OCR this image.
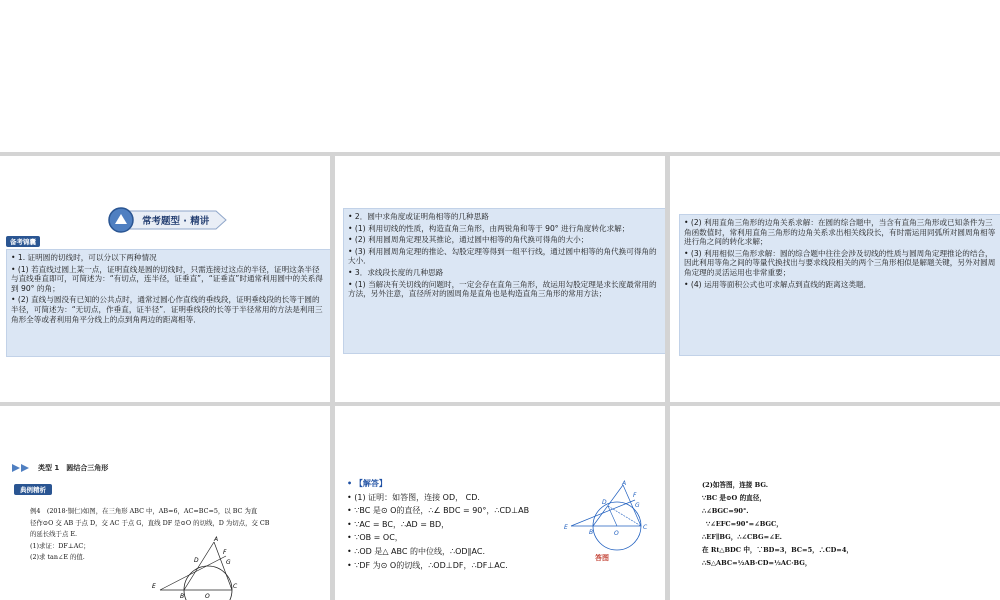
常考题型 · 精讲
备考锦囊

• 1. 证明圆的切线时，可以分以下两种情况

• (1) 若直线过圆上某一点，证明直线是圆的切线时，只需连接过这点的半径，证明这条半径与直线垂直即可，可简述为：“有切点，连半径，证垂直”，“证垂直”时通常利用圆中的关系得到 90° 的角；

• (2) 直线与圆没有已知的公共点时，通常过圆心作直线的垂线段，证明垂线段的长等于圆的半径，可简述为：“无切点，作垂直，证半径”．证明垂线段的长等于半径常用的方法是利用三角形全等或者利用角平分线上的点到角两边的距离相等．

• 2．圆中求角度或证明角相等的几种思路

• (1) 利用切线的性质，构造直角三角形，由两锐角和等于 90° 进行角度转化求解；

• (2) 利用圆周角定理及其推论，通过圆中相等的角代换可得角的大小；

• (3) 利用圆周角定理的推论、勾股定理等得到一组平行线，通过圆中相等的角代换可得角的大小．

• 3．求线段长度的几种思路

• (1) 当解决有关切线的问题时，一定会存在直角三角形，故运用勾股定理是求长度最常用的方法，另外注意，直径所对的圆周角是直角也是构造直角三角形的常用方法；

• (2) 利用直角三角形的边角关系求解：在圆的综合题中，当含有直角三角形或已知条件为三角函数值时，常利用直角三角形的边角关系求出相关线段长，有时需运用同弧所对圆周角相等进行角之间的转化求解；

• (3) 利用相似三角形求解：圆的综合题中往往会涉及切线的性质与圆周角定理推论的结合，因此利用等角之间的等量代换找出与要求线段相关的两个三角形相似是解题关键，另外对圆周角定理的灵活运用也非常重要；

• (4) 运用等面积公式也可求解点到直线的距离这类题．

类型 1　圆结合三角形
典例精析
例4　(2018·铜仁)如图，在三角形 ABC 中，AB=6，AC=BC=5，以 BC 为直
径作⊙O 交 AB 于点 D，交 AC 于点 G，直线 DF 是⊙O 的切线，D 为切点，交 CB
的延长线于点 E.
(1)求证：DF⊥AC；
(2)求 tan∠E 的值.
A
D
F
G
E
B	O
C
• 【解答】
• (1) 证明：如答图，连接 OD， CD.
• ∵BC 是⊙ O的直径，∴∠ BDC = 90°，∴CD⊥AB
• ∵AC = BC，∴AD = BD，
• ∵OB = OC，
• ∴OD 是△ ABC 的中位线，∴OD∥AC.
• ∵DF 为⊙ O的切线，∴OD⊥DF，∴DF⊥AC.
A
D
F
G
E
B	O
C
答图
(2)如答图，连接 BG.
∵BC 是⊙O 的直径，
∴∠BGC=90°.
∵∠EFC=90°=∠BGC，
∴EF∥BG，∴∠CBG=∠E.
在 Rt△BDC 中，∵BD=3，BC=5，∴CD=4，
∴S△ABC=½AB·CD=½AC·BG，
